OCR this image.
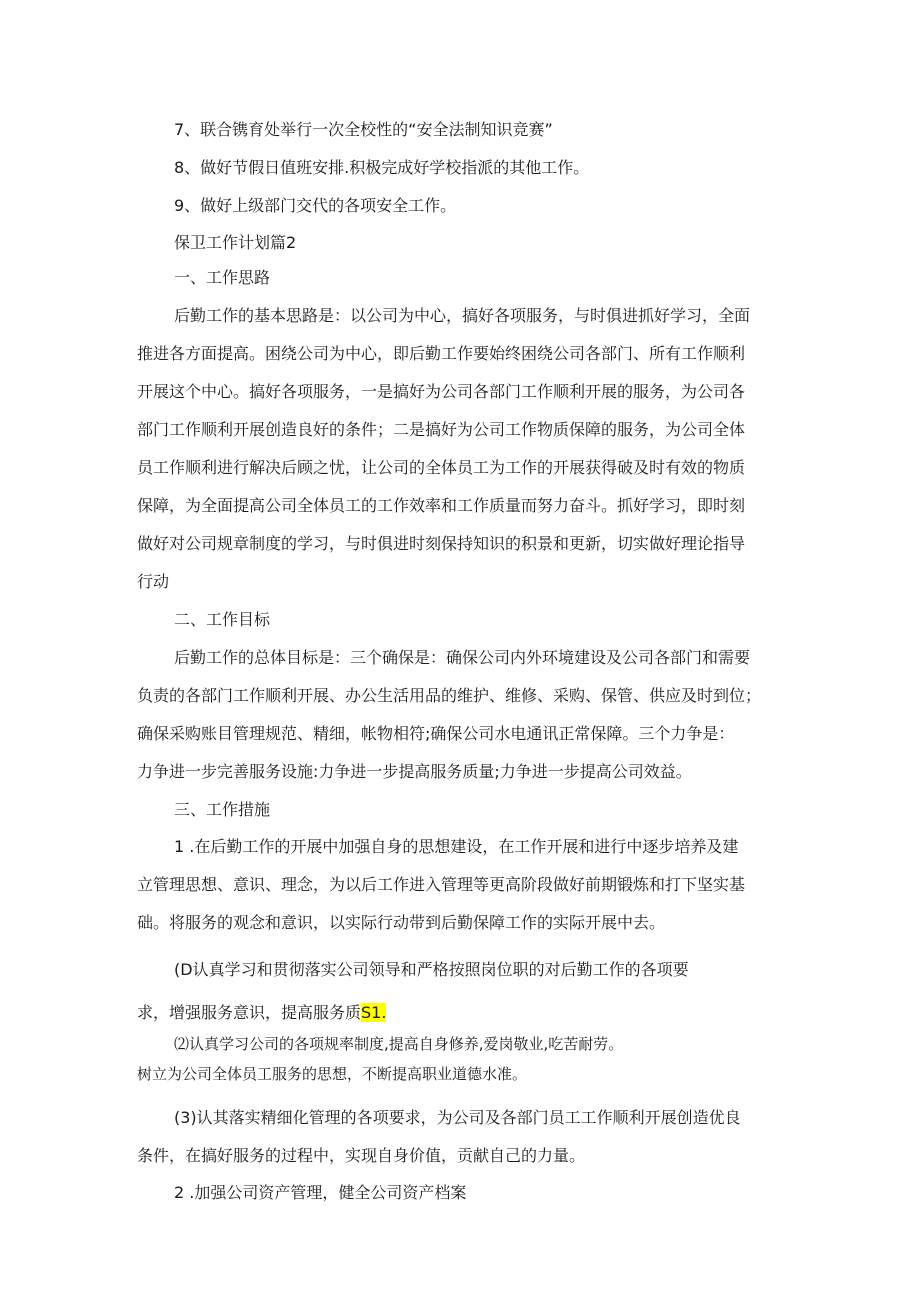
7、联合镌育处举行一次全校性的“安全法制知识竞赛”

8、做好节假日值班安排.积极完成好学校指派的其他工作。

9、做好上级部门交代的各项安全工作。

保卫工作计划篇2

一、工作思路

后勤工作的基本思路是：以公司为中心，搞好各项服务，与时俱进抓好学习，全面

推进各方面提高。困绕公司为中心，即后勤工作要始终困绕公司各部门、所有工作顺利

开展这个中心。搞好各项服务，一是搞好为公司各部门工作顺利开展的服务，为公司各

部门工作顺利开展创造良好的条件；二是搞好为公司工作物质保障的服务，为公司全体

员工作顺利进行解决后顾之忧，让公司的全体员工为工作的开展获得破及时有效的物质

保障，为全面提高公司全体员工的工作效率和工作质量而努力奋斗。抓好学习，即时刻

做好对公司规章制度的学习，与时俱进时刻保持知识的积景和更新，切实做好理论指导

行动

二、工作目标

后勤工作的总体目标是：三个确保是：确保公司内外环境建设及公司各部门和需要

负责的各部门工作顺利开展、办公生活用品的维护、维修、采购、保管、供应及时到位；

确保采购账目管理规范、精细，帐物相符;确保公司水电通讯正常保障。三个力争是：

力争进一步完善服务设施:力争进一步提高服务质量;力争进一步提高公司效益。

三、工作措施

1 .在后勤工作的开展中加强自身的思想建设，在工作开展和进行中逐步培养及建

立管理思想、意识、理念，为以后工作进入管理等更高阶段做好前期锻炼和打下坚实基

础。将服务的观念和意识，以实际行动带到后勤保障工作的实际开展中去。

(D认真学习和贯彻落实公司领导和严格按照岗位职的对后勤工作的各项要

求，增强服务意识，提高服务质S1.

⑵认真学习公司的各项规率制度,提高自身修养,爱岗敬业,吃苦耐劳。

树立为公司全体员工服务的思想，不断提高职业道德水准。

(3)认其落实精细化管理的各项要求，为公司及各部门员工工作顺利开展创造优良

条件，在搞好服务的过程中，实现自身价值，贡献自己的力量。

2 .加强公司资产管理，健全公司资产档案
